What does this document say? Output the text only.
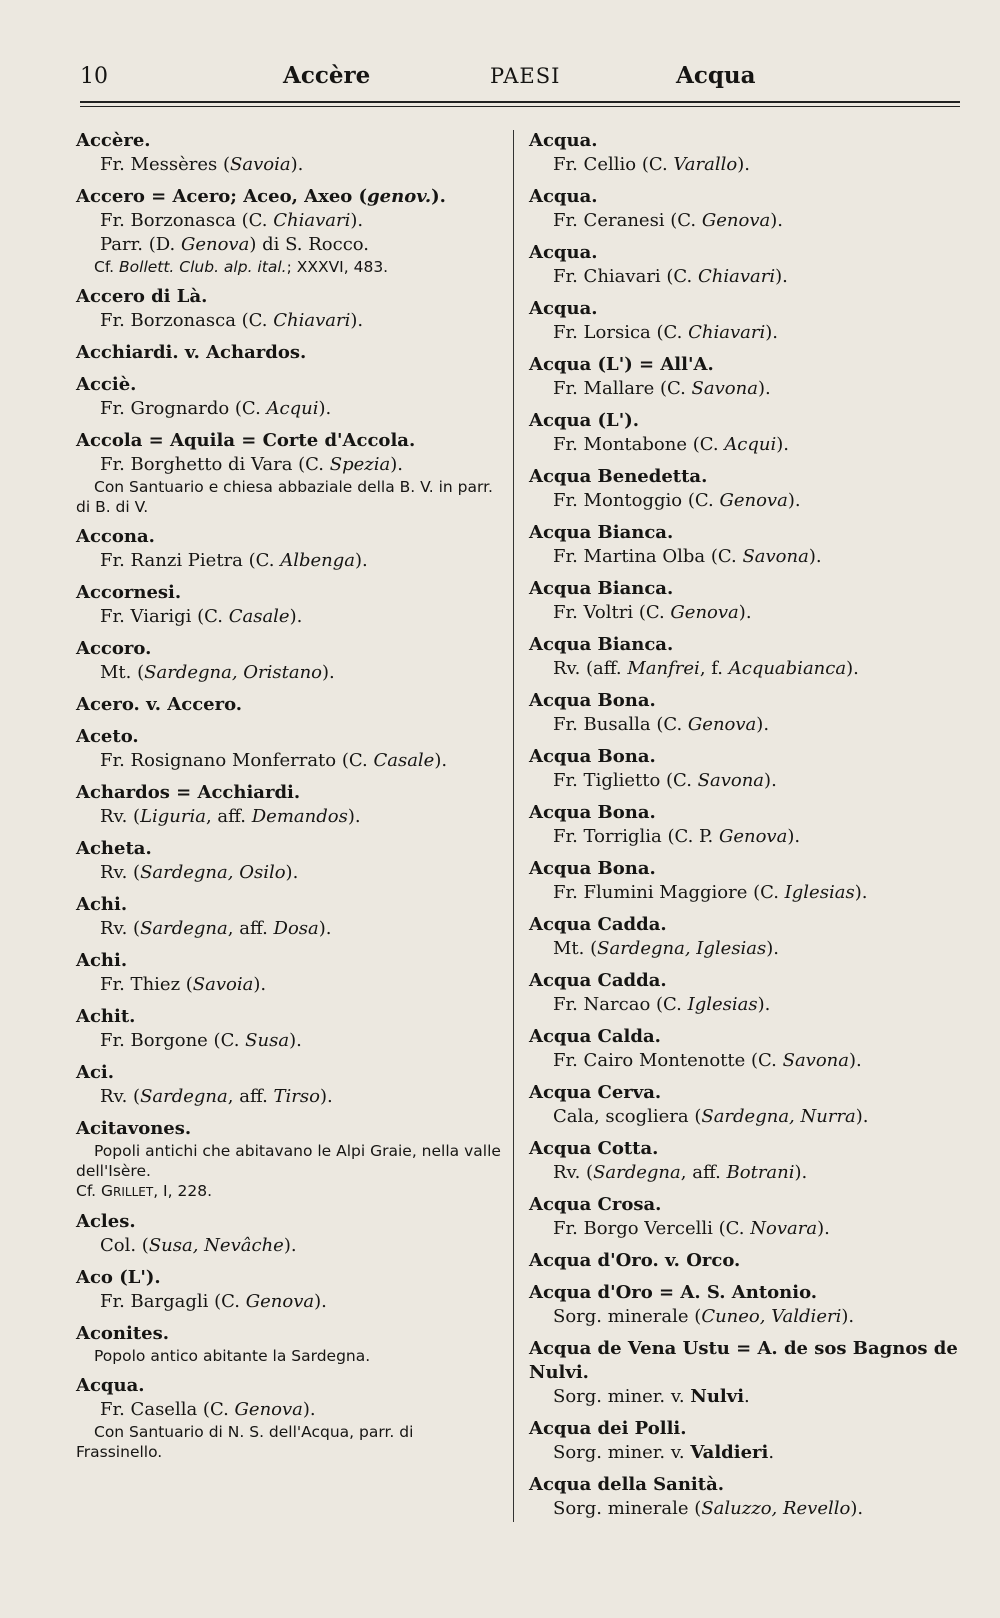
10	Accère	PAESI	Acqua
Accère.
Fr. Messères (Savoia).
Accero = Acero; Aceo, Axeo (genov.).
Fr. Borzonasca (C. Chiavari).
Parr. (D. Genova) di S. Rocco.
Cf. Bollett. Club. alp. ital.; XXXVI, 483.
Accero di Là.
Fr. Borzonasca (C. Chiavari).
Acchiardi. v. Achardos.
Acciè.
Fr. Grognardo (C. Acqui).
Accola = Aquila = Corte d'Accola.
Fr. Borghetto di Vara (C. Spezia).
Con Santuario e chiesa abbaziale della B. V. in parr. di B. di V.
Accona.
Fr. Ranzi Pietra (C. Albenga).
Accornesi.
Fr. Viarigi (C. Casale).
Accoro.
Mt. (Sardegna, Oristano).
Acero. v. Accero.
Aceto.
Fr. Rosignano Monferrato (C. Casale).
Achardos = Acchiardi.
Rv. (Liguria, aff. Demandos).
Acheta.
Rv. (Sardegna, Osilo).
Achi.
Rv. (Sardegna, aff. Dosa).
Achi.
Fr. Thiez (Savoia).
Achit.
Fr. Borgone (C. Susa).
Aci.
Rv. (Sardegna, aff. Tirso).
Acitavones.
Popoli antichi che abitavano le Alpi Graie, nella valle dell'Isère.
Cf. GRILLET, I, 228.
Acles.
Col. (Susa, Nevâche).
Aco (L').
Fr. Bargagli (C. Genova).
Aconites.
Popolo antico abitante la Sardegna.
Acqua.
Fr. Casella (C. Genova).
Con Santuario di N. S. dell'Acqua, parr. di Frassinello.
Acqua.
Fr. Cellio (C. Varallo).
Acqua.
Fr. Ceranesi (C. Genova).
Acqua.
Fr. Chiavari (C. Chiavari).
Acqua.
Fr. Lorsica (C. Chiavari).
Acqua (L') = All'A.
Fr. Mallare (C. Savona).
Acqua (L').
Fr. Montabone (C. Acqui).
Acqua Benedetta.
Fr. Montoggio (C. Genova).
Acqua Bianca.
Fr. Martina Olba (C. Savona).
Acqua Bianca.
Fr. Voltri (C. Genova).
Acqua Bianca.
Rv. (aff. Manfrei, f. Acquabianca).
Acqua Bona.
Fr. Busalla (C. Genova).
Acqua Bona.
Fr. Tiglietto (C. Savona).
Acqua Bona.
Fr. Torriglia (C. P. Genova).
Acqua Bona.
Fr. Flumini Maggiore (C. Iglesias).
Acqua Cadda.
Mt. (Sardegna, Iglesias).
Acqua Cadda.
Fr. Narcao (C. Iglesias).
Acqua Calda.
Fr. Cairo Montenotte (C. Savona).
Acqua Cerva.
Cala, scogliera (Sardegna, Nurra).
Acqua Cotta.
Rv. (Sardegna, aff. Botrani).
Acqua Crosa.
Fr. Borgo Vercelli (C. Novara).
Acqua d'Oro. v. Orco.
Acqua d'Oro = A. S. Antonio.
Sorg. minerale (Cuneo, Valdieri).
Acqua de Vena Ustu = A. de sos Bagnos de Nulvi.
Sorg. miner. v. Nulvi.
Acqua dei Polli.
Sorg. miner. v. Valdieri.
Acqua della Sanità.
Sorg. minerale (Saluzzo, Revello).
